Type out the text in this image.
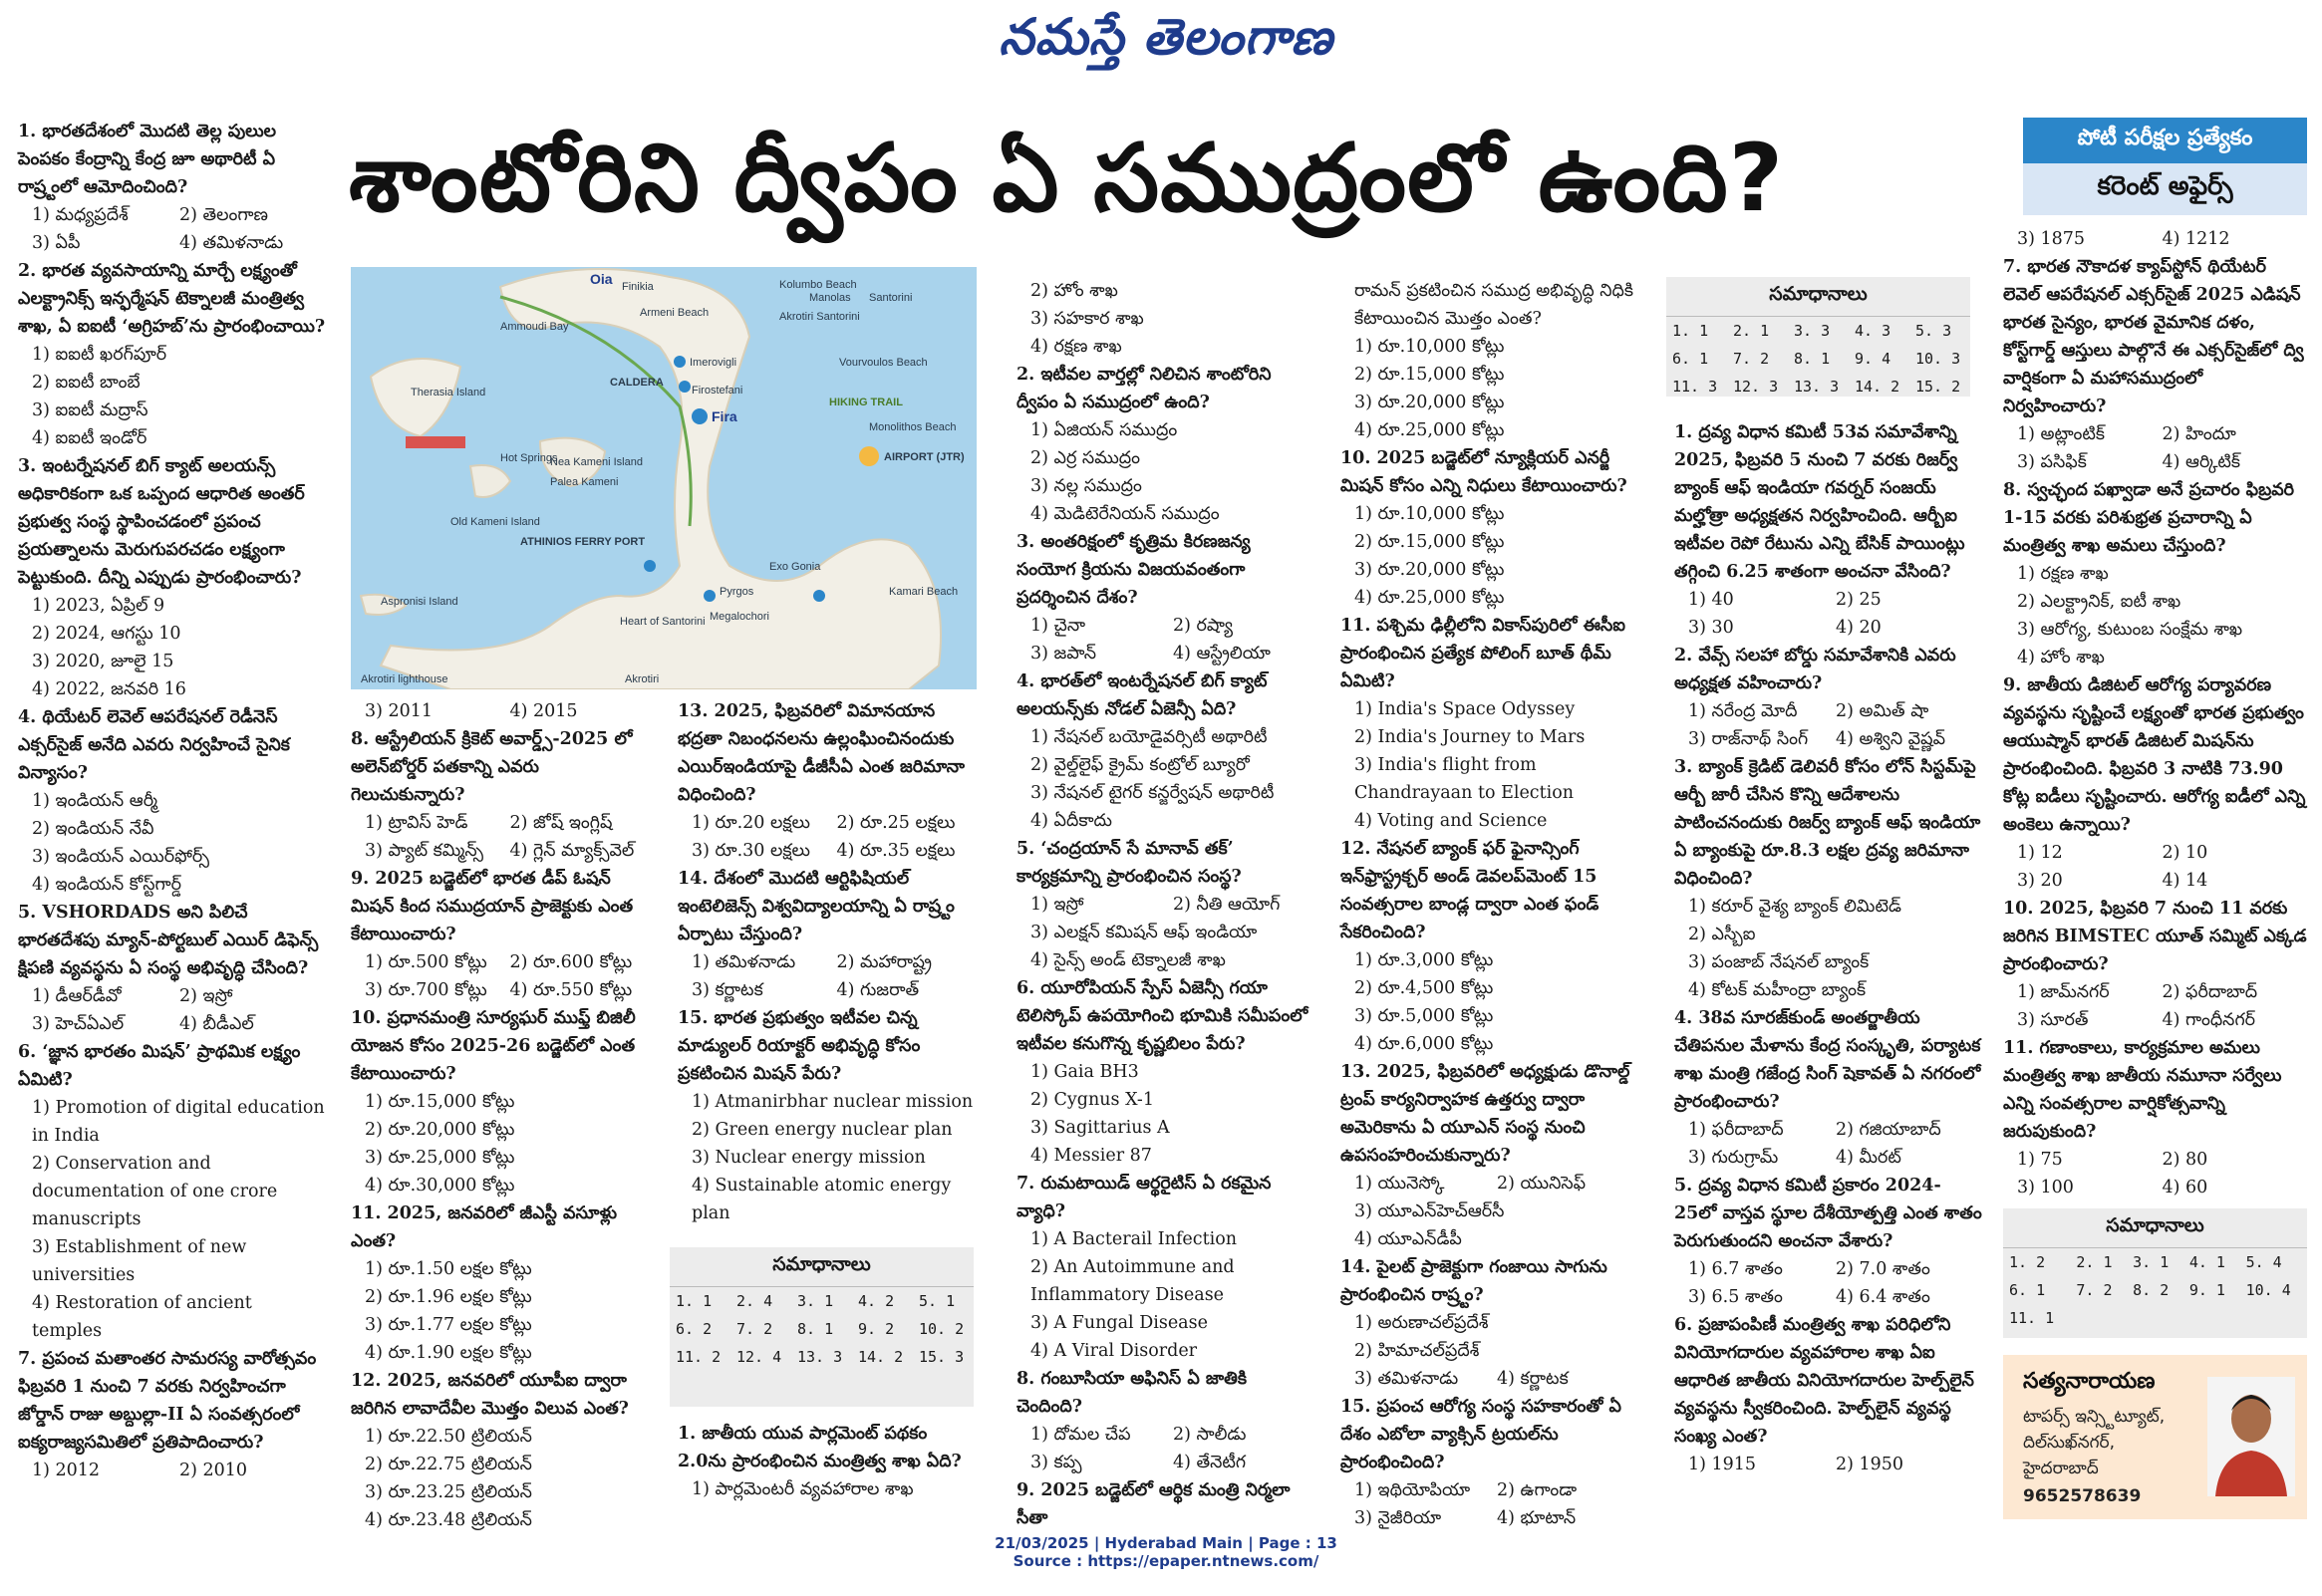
నమస్తే తెలంగాణ
శాంటోరిని ద్వీపం ఏ సముద్రంలో ఉంది?	పోటీ పరీక్షల ప్రత్యేకం
కరెంట్ అఫైర్స్
Oia Finikia	Kolumbo Beach
Armeni Beach
Ammoudi Bay
Akrotiri Santorini
CALDERA
HIKING TRAIL
Therasia Island
Imerovigli
Firostefani
Fira
Nea Kameni Island
Palea Kameni
Hot Springs
Vourvoulos Beach
Monolithos Beach
AIRPORT (JTR)
Old Kameni Island
ATHINIOS FERRY PORT
Exo Gonia
Pyrgos
Megalochori
Kamari Beach
Aspronisi Island
Akrotiri lighthouse	Akrotiri
Heart of Santorini
Manolas Santorini
1. భారతదేశంలో మొదటి తెల్ల పులుల పెంపకం కేంద్రాన్ని కేంద్ర జూ అథారిటీ ఏ రాష్ర్టంలో ఆమోదించింది?
1) మధ్యప్రదేశ్	2) తెలంగాణ
3) ఏపీ	4) తమిళనాడు
2. భారత వ్యవసాయాన్ని మార్చే లక్ష్యంతో ఎలక్ట్రానిక్స్ ఇన్ఫర్మేషన్ టెక్నాలజీ మంత్రిత్వ శాఖ, ఏ ఐఐటీ ‘అగ్రిహబ్’ను ప్రారంభించాయి?
1) ఐఐటీ ఖరగ్‌పూర్
2) ఐఐటీ బాంబే
3) ఐఐటీ మద్రాస్
4) ఐఐటీ ఇండోర్
3. ఇంటర్నేషనల్ బిగ్ క్యాట్ అలయన్స్ అధికారికంగా ఒక ఒప్పంద ఆధారిత అంతర్ ప్రభుత్వ సంస్థ స్థాపించడంలో ప్రపంచ ప్రయత్నాలను మెరుగుపరచడం లక్ష్యంగా పెట్టుకుంది. దీన్ని ఎప్పుడు ప్రారంభించారు?
1) 2023, ఏప్రిల్ 9
2) 2024, ఆగస్టు 10
3) 2020, జూలై 15
4) 2022, జనవరి 16
4. థియేటర్ లెవెల్ ఆపరేషనల్ రెడీనెస్ ఎక్సర్‌సైజ్ అనేది ఎవరు నిర్వహించే సైనిక విన్యాసం?
1) ఇండియన్ ఆర్మీ
2) ఇండియన్ నేవీ
3) ఇండియన్ ఎయిర్‌ఫోర్స్
4) ఇండియన్ కోస్ట్‌గార్డ్
5. VSHORDADS అని పిలిచే భారతదేశపు మ్యాన్-పోర్టబుల్ ఎయిర్ డిఫెన్స్ క్షిపణి వ్యవస్థను ఏ సంస్థ అభివృద్ధి చేసింది?
1) డీఆర్‌డీవో	2) ఇస్రో
3) హెచ్ఏఎల్	4) బీడీఎల్
6. ‘జ్ఞాన భారతం మిషన్’ ప్రాథమిక లక్ష్యం ఏమిటి?
1) Promotion of digital education in India
2) Conservation and documentation of one crore manuscripts
3) Establishment of new universities
4) Restoration of ancient temples
7. ప్రపంచ మతాంతర సామరస్య వారోత్సవం ఫిబ్రవరి 1 నుంచి 7 వరకు నిర్వహించగా జోర్డాన్ రాజు అబ్దుల్లా-II ఏ సంవత్సరంలో ఐక్యరాజ్యసమితిలో ప్రతిపాదించారు?
1) 2012	2) 2010
3) 2011	4) 2015
8. ఆస్ట్రేలియన్ క్రికెట్ అవార్డ్స్-2025 లో అలెన్‌బోర్డర్ పతకాన్ని ఎవరు గెలుచుకున్నారు?
1) ట్రావిస్ హెడ్	2) జోష్ ఇంగ్లిష్
3) ప్యాట్ కమ్మిన్స్	4) గ్లెన్ మ్యాక్స్‌వెల్
9. 2025 బడ్జెట్‌లో భారత డీప్ ఓషన్ మిషన్ కింద సముద్రయాన్ ప్రాజెక్టుకు ఎంత కేటాయించారు?
1) రూ.500 కోట్లు	2) రూ.600 కోట్లు
3) రూ.700 కోట్లు	4) రూ.550 కోట్లు
10. ప్రధానమంత్రి సూర్యఘర్ ముఫ్త్ బిజిలీ యోజన కోసం 2025-26 బడ్జెట్‌లో ఎంత కేటాయించారు?
1) రూ.15,000 కోట్లు
2) రూ.20,000 కోట్లు
3) రూ.25,000 కోట్లు
4) రూ.30,000 కోట్లు
11. 2025, జనవరిలో జీఎస్టీ వసూళ్లు ఎంత?
1) రూ.1.50 లక్షల కోట్లు
2) రూ.1.96 లక్షల కోట్లు
3) రూ.1.77 లక్షల కోట్లు
4) రూ.1.90 లక్షల కోట్లు
12. 2025, జనవరిలో యూపీఐ ద్వారా జరిగిన లావాదేవీల మొత్తం విలువ ఎంత?
1) రూ.22.50 ట్రిలియన్
2) రూ.22.75 ట్రిలియన్
3) రూ.23.25 ట్రిలియన్
4) రూ.23.48 ట్రిలియన్
13. 2025, ఫిబ్రవరిలో విమానయాన భద్రతా నిబంధనలను ఉల్లంఘించినందుకు ఎయిర్‌ఇండియాపై డీజీసీఏ ఎంత జరిమానా విధించింది?
1) రూ.20 లక్షలు	2) రూ.25 లక్షలు
3) రూ.30 లక్షలు	4) రూ.35 లక్షలు
14. దేశంలో మొదటి ఆర్టిఫిషియల్ ఇంటెలిజెన్స్ విశ్వవిద్యాలయాన్ని ఏ రాష్ర్టం ఏర్పాటు చేస్తుంది?
1) తమిళనాడు	2) మహారాష్ట్ర
3) కర్ణాటక	4) గుజరాత్
15. భారత ప్రభుత్వం ఇటీవల చిన్న మాడ్యులర్ రియాక్టర్ అభివృద్ధి కోసం ప్రకటించిన మిషన్ పేరు?
1) Atmanirbhar nuclear mission
2) Green energy nuclear plan
3) Nuclear energy mission
4) Sustainable atomic energy plan
1. జాతీయ యువ పార్లమెంట్ పథకం 2.0ను ప్రారంభించిన మంత్రిత్వ శాఖ ఏది?
1) పార్లమెంటరీ వ్యవహారాల శాఖ
2) హోం శాఖ
3) సహకార శాఖ
4) రక్షణ శాఖ
2. ఇటీవల వార్తల్లో నిలిచిన శాంటోరిని ద్వీపం ఏ సముద్రంలో ఉంది?
1) ఏజియన్ సముద్రం
2) ఎర్ర సముద్రం
3) నల్ల సముద్రం
4) మెడిటెరేనియన్ సముద్రం
3. అంతరిక్షంలో కృత్రిమ కిరణజన్య సంయోగ క్రియను విజయవంతంగా ప్రదర్శించిన దేశం?
1) చైనా	2) రష్యా
3) జపాన్	4) ఆస్ట్రేలియా
4. భారత్‌లో ఇంటర్నేషనల్ బిగ్ క్యాట్ అలయన్స్‌కు నోడల్ ఏజెన్సీ ఏది?
1) నేషనల్ బయోడైవర్సిటీ అథారిటీ
2) వైల్డ్‌లైఫ్ క్రైమ్ కంట్రోల్ బ్యూరో
3) నేషనల్ టైగర్ కన్జర్వేషన్ అథారిటీ
4) ఏదీకాదు
5. ‘చంద్రయాన్ సే మానావ్ తక్’ కార్యక్రమాన్ని ప్రారంభించిన సంస్థ?
1) ఇస్రో	2) నీతి ఆయోగ్
3) ఎలక్షన్ కమిషన్ ఆఫ్ ఇండియా
4) సైన్స్ అండ్ టెక్నాలజీ శాఖ
6. యూరోపియన్ స్పేస్ ఏజెన్సీ గయా టెలిస్కోప్ ఉపయోగించి భూమికి సమీపంలో ఇటీవల కనుగొన్న కృష్ణబిలం పేరు?
1) Gaia BH3
2) Cygnus X-1
3) Sagittarius A
4) Messier 87
7. రుమటాయిడ్ ఆర్థరైటిస్ ఏ రకమైన వ్యాధి?
1) A Bacterail Infection
2) An Autoimmune and Inflammatory Disease
3) A Fungal Disease
4) A Viral Disorder
8. గంబూసియా అఫినిస్ ఏ జాతికి చెందింది?
1) దోమల చేప	2) సాలీడు
3) కప్ప	4) తేనెటీగ
9. 2025 బడ్జెట్‌లో ఆర్థిక మంత్రి నిర్మలా సీతా
రామన్ ప్రకటించిన సముద్ర అభివృద్ధి నిధికి కేటాయించిన మొత్తం ఎంత?
1) రూ.10,000 కోట్లు
2) రూ.15,000 కోట్లు
3) రూ.20,000 కోట్లు
4) రూ.25,000 కోట్లు
10. 2025 బడ్జెట్‌లో న్యూక్లియర్ ఎనర్జీ మిషన్ కోసం ఎన్ని నిధులు కేటాయించారు?
1) రూ.10,000 కోట్లు
2) రూ.15,000 కోట్లు
3) రూ.20,000 కోట్లు
4) రూ.25,000 కోట్లు
11. పశ్చిమ ఢిల్లీలోని వికాస్‌పురిలో ఈసీఐ ప్రారంభించిన ప్రత్యేక పోలింగ్ బూత్ థీమ్ ఏమిటి?
1) India's Space Odyssey
2) India's Journey to Mars
3) India's flight from Chandrayaan to Election
4) Voting and Science
12. నేషనల్ బ్యాంక్ ఫర్ ఫైనాన్సింగ్ ఇన్‌ఫ్రాస్ట్రక్చర్ అండ్ డెవలప్‌మెంట్ 15 సంవత్సరాల బాండ్ల ద్వారా ఎంత ఫండ్ సేకరించింది?
1) రూ.3,000 కోట్లు
2) రూ.4,500 కోట్లు
3) రూ.5,000 కోట్లు
4) రూ.6,000 కోట్లు
13. 2025, ఫిబ్రవరిలో అధ్యక్షుడు డొనాల్డ్ ట్రంప్ కార్యనిర్వాహక ఉత్తర్వు ద్వారా అమెరికాను ఏ యూఎన్ సంస్థ నుంచి ఉపసంహరించుకున్నారు?
1) యునెస్కో	2) యునిసెఫ్
3) యూఎన్‌హెచ్‌ఆర్‌సీ
4) యూఎన్‌డీపీ
14. పైలట్ ప్రాజెక్టుగా గంజాయి సాగును ప్రారంభించిన రాష్ర్టం?
1) అరుణాచల్‌ప్రదేశ్
2) హిమాచల్‌ప్రదేశ్
3) తమిళనాడు	4) కర్ణాటక
15. ప్రపంచ ఆరోగ్య సంస్థ సహకారంతో ఏ దేశం ఎబోలా వ్యాక్సిన్ ట్రయల్‌ను ప్రారంభించింది?
1) ఇథియోపియా	2) ఉగాండా
3) నైజీరియా	4) భూటాన్
1. ద్రవ్య విధాన కమిటీ 53వ సమావేశాన్ని 2025, ఫిబ్రవరి 5 నుంచి 7 వరకు రిజర్వ్ బ్యాంక్ ఆఫ్ ఇండియా గవర్నర్ సంజయ్ మల్హోత్రా అధ్యక్షతన నిర్వహించింది. ఆర్బీఐ ఇటీవల రెపో రేటును ఎన్ని బేసిక్ పాయింట్లు తగ్గించి 6.25 శాతంగా అంచనా వేసింది?
1) 40	2) 25
3) 30	4) 20
2. వేవ్స్ సలహా బోర్డు సమావేశానికి ఎవరు అధ్యక్షత వహించారు?
1) నరేంద్ర మోదీ	2) అమిత్ షా
3) రాజ్‌నాథ్ సింగ్	4) అశ్విని వైష్ణవ్
3. బ్యాంక్ క్రెడిట్ డెలివరీ కోసం లోన్ సిస్టమ్‌పై ఆర్బీ జారీ చేసిన కొన్ని ఆదేశాలను పాటించనందుకు రిజర్వ్ బ్యాంక్ ఆఫ్ ఇండియా ఏ బ్యాంకుపై రూ.8.3 లక్షల ద్రవ్య జరిమానా విధించింది?
1) కరూర్ వైశ్య బ్యాంక్ లిమిటెడ్
2) ఎస్బీఐ
3) పంజాబ్ నేషనల్ బ్యాంక్
4) కోటక్ మహీంద్రా బ్యాంక్
4. 38వ సూరజ్‌కుండ్ అంతర్జాతీయ చేతిపనుల మేళాను కేంద్ర సంస్కృతి, పర్యాటక శాఖ మంత్రి గజేంద్ర సింగ్ షెకావత్ ఏ నగరంలో ప్రారంభించారు?
1) ఫరీదాబాద్	2) గజియాబాద్
3) గురుగ్రామ్	4) మీరట్
5. ద్రవ్య విధాన కమిటీ ప్రకారం 2024-25లో వాస్తవ స్థూల దేశీయోత్పత్తి ఎంత శాతం పెరుగుతుందని అంచనా వేశారు?
1) 6.7 శాతం	2) 7.0 శాతం
3) 6.5 శాతం	4) 6.4 శాతం
6. ప్రజాపంపిణీ మంత్రిత్వ శాఖ పరిధిలోని వినియోగదారుల వ్యవహారాల శాఖ ఏఐ ఆధారిత జాతీయ వినియోగదారుల హెల్ప్‌లైన్ వ్యవస్థను స్వీకరించింది. హెల్ప్‌లైన్ వ్యవస్థ సంఖ్య ఎంత?
1) 1915	2) 1950
3) 1875	4) 1212
7. భారత నౌకాదళ క్యాప్‌స్టోన్ థియేటర్ లెవెల్ ఆపరేషనల్ ఎక్సర్‌సైజ్ 2025 ఎడిషన్ భారత సైన్యం, భారత వైమానిక దళం, కోస్ట్‌గార్డ్ ఆస్తులు పాల్గొనే ఈ ఎక్సర్‌సైజ్‌లో ద్వి వార్షికంగా ఏ మహాసముద్రంలో నిర్వహించారు?
1) అట్లాంటిక్	2) హిందూ
3) పసిఫిక్	4) ఆర్కిటిక్
8. స్వచ్ఛంద పఖ్వాడా అనే ప్రచారం ఫిబ్రవరి 1-15 వరకు పరిశుభ్రత ప్రచారాన్ని ఏ మంత్రిత్వ శాఖ అమలు చేస్తుంది?
1) రక్షణ శాఖ
2) ఎలక్ట్రానిక్, ఐటీ శాఖ
3) ఆరోగ్య, కుటుంబ సంక్షేమ శాఖ
4) హోం శాఖ
9. జాతీయ డిజిటల్ ఆరోగ్య పర్యావరణ వ్యవస్థను సృష్టించే లక్ష్యంతో భారత ప్రభుత్వం ఆయుష్మాన్ భారత్ డిజిటల్ మిషన్‌ను ప్రారంభించింది. ఫిబ్రవరి 3 నాటికి 73.90 కోట్ల ఐడీలు సృష్టించారు. ఆరోగ్య ఐడీలో ఎన్ని అంకెలు ఉన్నాయి?
1) 12	2) 10
3) 20	4) 14
10. 2025, ఫిబ్రవరి 7 నుంచి 11 వరకు జరిగిన BIMSTEC యూత్ సమ్మిట్ ఎక్కడ ప్రారంభించారు?
1) జామ్‌నగర్	2) ఫరీదాబాద్
3) సూరత్	4) గాంధీనగర్
11. గణాంకాలు, కార్యక్రమాల అమలు మంత్రిత్వ శాఖ జాతీయ నమూనా సర్వేలు ఎన్ని సంవత్సరాల వార్షికోత్సవాన్ని జరుపుకుంది?
1) 75	2) 80
3) 100	4) 60
సమాధానాలు
1. 1	2. 4	3. 1	4. 2	5. 1
6. 2	7. 2	8. 1	9. 2	10. 2
11. 2	12. 4	13. 3	14. 2	15. 3
సమాధానాలు
1. 1	2. 1	3. 3	4. 3	5. 3
6. 1	7. 2	8. 1	9. 4	10. 3
11. 3	12. 3	13. 3	14. 2	15. 2
సమాధానాలు
1. 2	2. 1	3. 1	4. 1	5. 4
6. 1	7. 2	8. 2	9. 1	10. 4
11. 1				
సత్యనారాయణ
టాపర్స్ ఇన్స్టిట్యూట్,
దిల్‌సుఖ్‌నగర్,
హైదరాబాద్
9652578639
21/03/2025 | Hyderabad Main | Page : 13
Source : https://epaper.ntnews.com/
